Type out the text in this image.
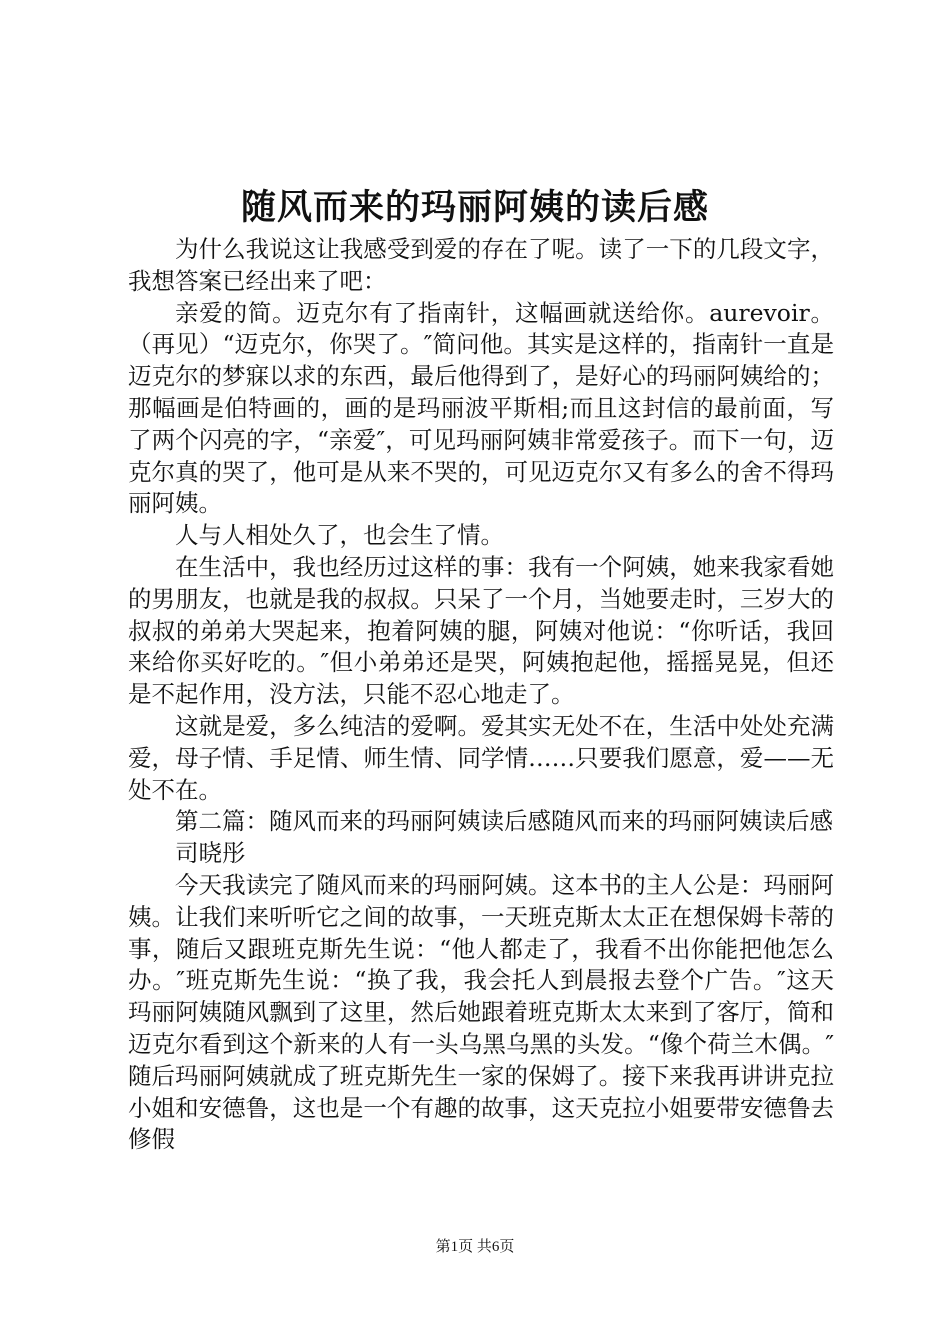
随风而来的玛丽阿姨的读后感

为什么我说这让我感受到爱的存在了呢。读了一下的几段文字，我想答案已经出来了吧：

亲爱的简。迈克尔有了指南针，这幅画就送给你。aurevoir。（再见）“迈克尔，你哭了。″简问他。其实是这样的，指南针一直是迈克尔的梦寐以求的东西，最后他得到了，是好心的玛丽阿姨给的；那幅画是伯特画的，画的是玛丽波平斯相;而且这封信的最前面，写了两个闪亮的字，“亲爱″，可见玛丽阿姨非常爱孩子。而下一句，迈克尔真的哭了，他可是从来不哭的，可见迈克尔又有多么的舍不得玛丽阿姨。

人与人相处久了，也会生了情。

在生活中，我也经历过这样的事：我有一个阿姨，她来我家看她的男朋友，也就是我的叔叔。只呆了一个月，当她要走时，三岁大的叔叔的弟弟大哭起来，抱着阿姨的腿，阿姨对他说：“你听话，我回来给你买好吃的。″但小弟弟还是哭，阿姨抱起他，摇摇晃晃，但还是不起作用，没方法，只能不忍心地走了。

这就是爱，多么纯洁的爱啊。爱其实无处不在，生活中处处充满爱，母子情、手足情、师生情、同学情……只要我们愿意，爱——无处不在。

第二篇：随风而来的玛丽阿姨读后感随风而来的玛丽阿姨读后感

司晓彤

今天我读完了随风而来的玛丽阿姨。这本书的主人公是：玛丽阿姨。让我们来听听它之间的故事，一天班克斯太太正在想保姆卡蒂的事，随后又跟班克斯先生说：“他人都走了，我看不出你能把他怎么办。″班克斯先生说：“换了我，我会托人到晨报去登个广告。″这天玛丽阿姨随风飘到了这里，然后她跟着班克斯太太来到了客厅，简和迈克尔看到这个新来的人有一头乌黑乌黑的头发。“像个荷兰木偶。″随后玛丽阿姨就成了班克斯先生一家的保姆了。接下来我再讲讲克拉小姐和安德鲁，这也是一个有趣的故事，这天克拉小姐要带安德鲁去修假

第1页 共6页
